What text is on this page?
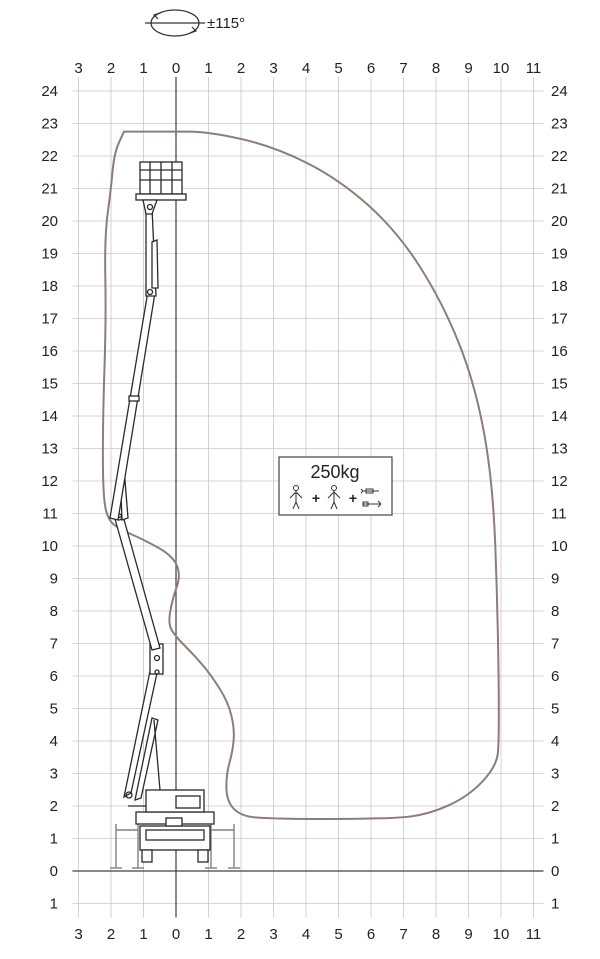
±115°
3
3
2
2
1
1
0
0
1
1
2
2
3
3
4
4
5
5
6
6
7
7
8
8
9
9
10
10
11
11
24	24
23	23
22	22
21	21
20	20
19	19
18	18
17	17
16	16
15	15
14	14
13	13
12	12
11	11
10	10
9	9
8	8
7	7
6	6
5	5
4	4
3	3
2	2
1	1
0	0
1	1
250kg
+ +
